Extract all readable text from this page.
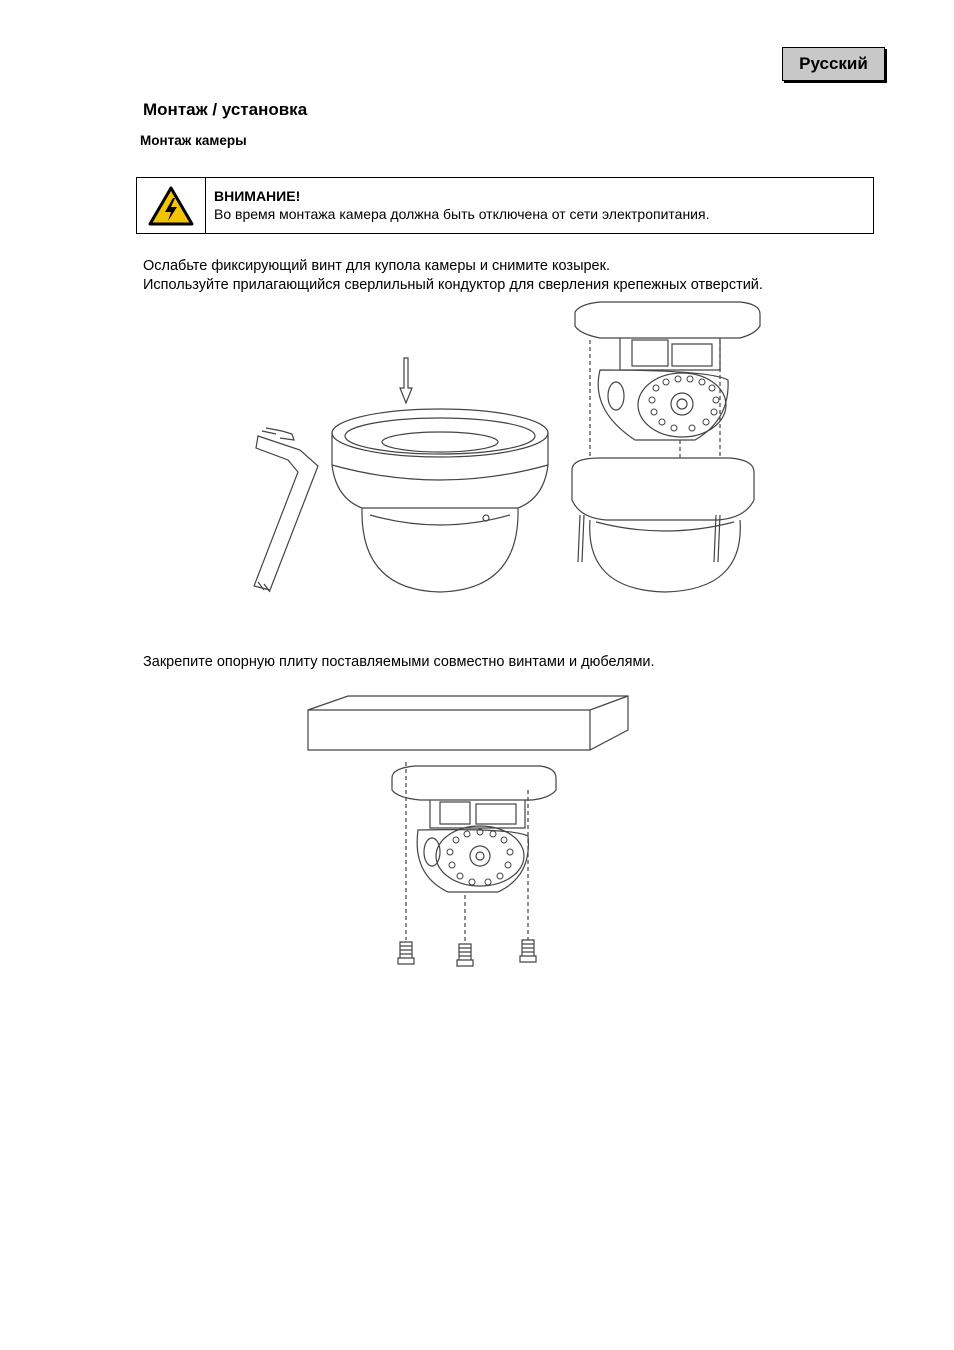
Русский
Монтаж / установка
Монтаж камеры
ВНИМАНИЕ!
Во время монтажа камера должна быть отключена от сети электропитания.
Ослабьте фиксирующий винт для купола камеры и снимите козырек.
Используйте прилагающийся сверлильный кондуктор для сверления крепежных отверстий.
Закрепите опорную плиту поставляемыми совместно винтами и дюбелями.
